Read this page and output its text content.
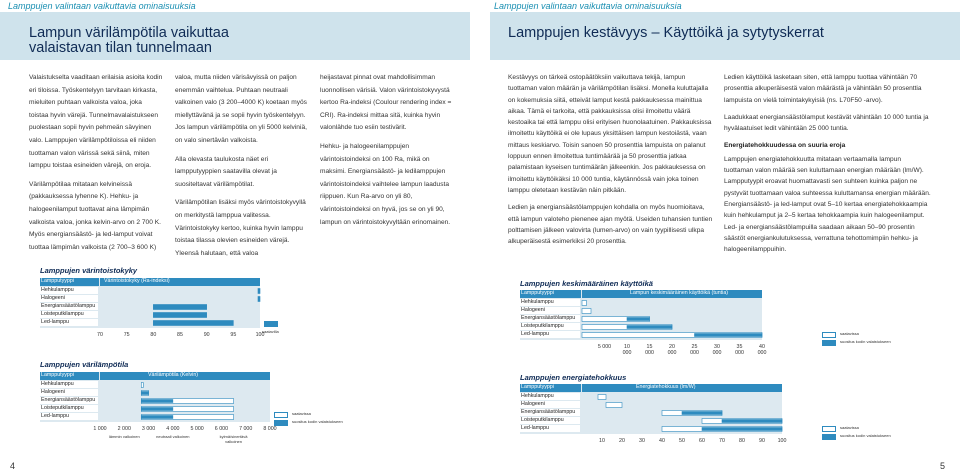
Lamppujen valintaan vaikuttavia ominaisuuksia
Lampun värilämpötila vaikuttaa
valaistavan tilan tunnelmaan

Valaistukselta vaaditaan erilaisia asioita kodin eri tiloissa. Työskentelyyn tarvitaan kirkasta, mieluiten puhtaan valkoista valoa, joka toistaa hyvin värejä. Tunnelmavalaistukseen puolestaan sopii hyvin pehmeän sävyinen valo. Lamppujen värilämpötiloissa eli niiden tuottaman valon värissä sekä siinä, miten lamppu toistaa esineiden värejä, on eroja.

Värilämpötilaa mitataan kelvineissä (pakkauksessa lyhenne K). Hehku- ja halogeenilamput tuottavat aina lämpimän valkoista valoa, jonka kelvin-arvo on 2 700 K. Myös energiansäästö- ja led-lamput voivat tuottaa lämpimän valkoista (2 700–3 600 K)

valoa, mutta niiden värisävyissä on paljon enemmän vaihtelua. Puhtaan neutraali valkoinen valo (3 200–4000 K) koetaan myös miellyttävänä ja se sopii hyvin työskentelyyn. Jos lampun värilämpötila on yli 5000 kelviniä, on valo sinertävän valkoista.

Alla olevasta taulukosta näet eri lampputyyppien saatavilla olevat ja suositeltavat värilämpötilat.

Värilämpötilan lisäksi myös värintoistokyvyllä on merkitystä lamppua valitessa. Värintoistokyky kertoo, kuinka hyvin lamppu toistaa tilassa olevien esineiden värejä. Yleensä halutaan, että valoa

Lamppujen värintoistokyky
Lampputyyppi	Värintoistokyky (Ra-indeksi)
Hehkulamppu
Halogeeni
Energiansäästölamppu
Loisteputkilamppu
Led-lamppu
70	75	80	85	90	95	100
saatavilla
Lamppujen värilämpötila
Lampputyyppi	Värilämpötila (Kelvin)
Hehkulamppu
Halogeeni
Energiansäästölamppu
Loisteputkilamppu
Led-lamppu
1 000 2 000 3 000 4 000 5 000 6 000 7 000 8 000
saatavissa
suositus kodin valaistukseen
lämmin valkoinen	neutraali valkoinen	kylmä/sinertävä valkoinen
4
Lamppujen valintaan vaikuttavia ominaisuuksia
Lamppujen kestävyys – Käyttöikä ja sytytyskerrat

heijastavat pinnat ovat mahdollisimman luonnollisen värisiä. Valon värintoistokyvystä kertoo Ra-indeksi (Coulour rendering index = CRI). Ra-indeksi mittaa sitä, kuinka hyvin valonlähde tuo esiin testivärit.

Hehku- ja halogeenilamppujen värintoistoindeksi on 100 Ra, mikä on maksimi. Energiansäästö- ja ledilamppujen värintoistoindeksi vaihtelee lampun laadusta riippuen. Kun Ra-arvo on yli 80, värintoistoindeksi on hyvä, jos se on yli 90, lampun on värintoistokyvyltään erinomainen.

Kestävyys on tärkeä ostopäätöksiin vaikuttava tekijä, lampun tuottaman valon määrän ja värilämpötilan lisäksi. Monella kuluttajalla on kokemuksia siitä, etteivät lamput kestä pakkauksessa mainittua aikaa. Tämä ei tarkoita, että pakkauksissa olisi ilmoitettu väärä kestoaika tai että lamppu olisi erityisen huonolaatuinen. Pakkauksissa ilmoitettu käyttöikä ei ole lupaus yksittäisen lampun kestoiästä, vaan mittaus keskiarvo. Toisin sanoen 50 prosenttia lampuista on palanut loppuun ennen ilmoitettua tuntimäärää ja 50 prosenttia jatkaa palamistaan kyseisen tuntimäärän jälkeenkin. Jos pakkauksessa on ilmoitettu käyttöikäksi 10 000 tuntia, käytännössä vain joka toinen lamppu oletetaan kestävän näin pitkään.

Ledien ja energiansäästölamppujen kohdalla on myös huomioitava, että lampun valoteho pienenee ajan myötä. Useiden tuhansien tuntien polttamisen jälkeen valovirta (lumen-arvo) on vain tyypillisesti ulkpa alkuperäisestä esimerkiksi 20 prosenttia.

Ledien käyttöikä lasketaan siten, että lamppu tuottaa vähintään 70 prosenttia alkuperäisestä valon määrästä ja vähintään 50 prosenttia lampuista on vielä toimintakykyisiä (ns. L70F50 -arvo).

Laadukkaat energiansäästölamput kestävät vähintään 10 000 tuntia ja hyvälaatuiset ledit vähintään 25 000 tuntia.

Energiatehokkuudessa on suuria eroja

Lamppujen energiatehokkuutta mitataan vertaamalla lampun tuottaman valon määrää sen kuluttamaan energian määrään (lm/W). Lampputyypit eroavat huomattavasti sen suhteen kuinka paljon ne pystyvät tuottamaan valoa suhteessa kuluttamansa energian määrään. Energiansäästö- ja led-lamput ovat 5–10 kertaa energiatehokkaampia kuin hehkulamput ja 2–5 kertaa tehokkaampia kuin halogeenilamput. Led- ja energiansäästölampuilla saadaan aikaan 50–90 prosentin säästöt energiankulutuksessa, verrattuna tehottomimpiin hehku- ja halogeenilamppuihin.

Lamppujen keskimääräinen käyttöikä
Lampputyyppi	Lampun keskimääräinen käyttöikä (tuntia)
Hehkulamppu
Halogeeni
Energiansäästölamppu
Loisteputkilamppu
Led-lamppu
5 000	10 000
15 000
20 000
25 000
30 000
35 000
40 000
saatavissa
suositus kodin valaistukseen
Lamppujen energiatehokkuus
Lampputyyppi	Energiatehokkuus (lm/W)
Hehkulamppu
Halogeeni
Energiansäästölamppu
Loisteputkilamppu
Led-lamppu
10	20	30	40	50	60	70	80	90	100
saatavissa
suositus kodin valaistukseen
5
